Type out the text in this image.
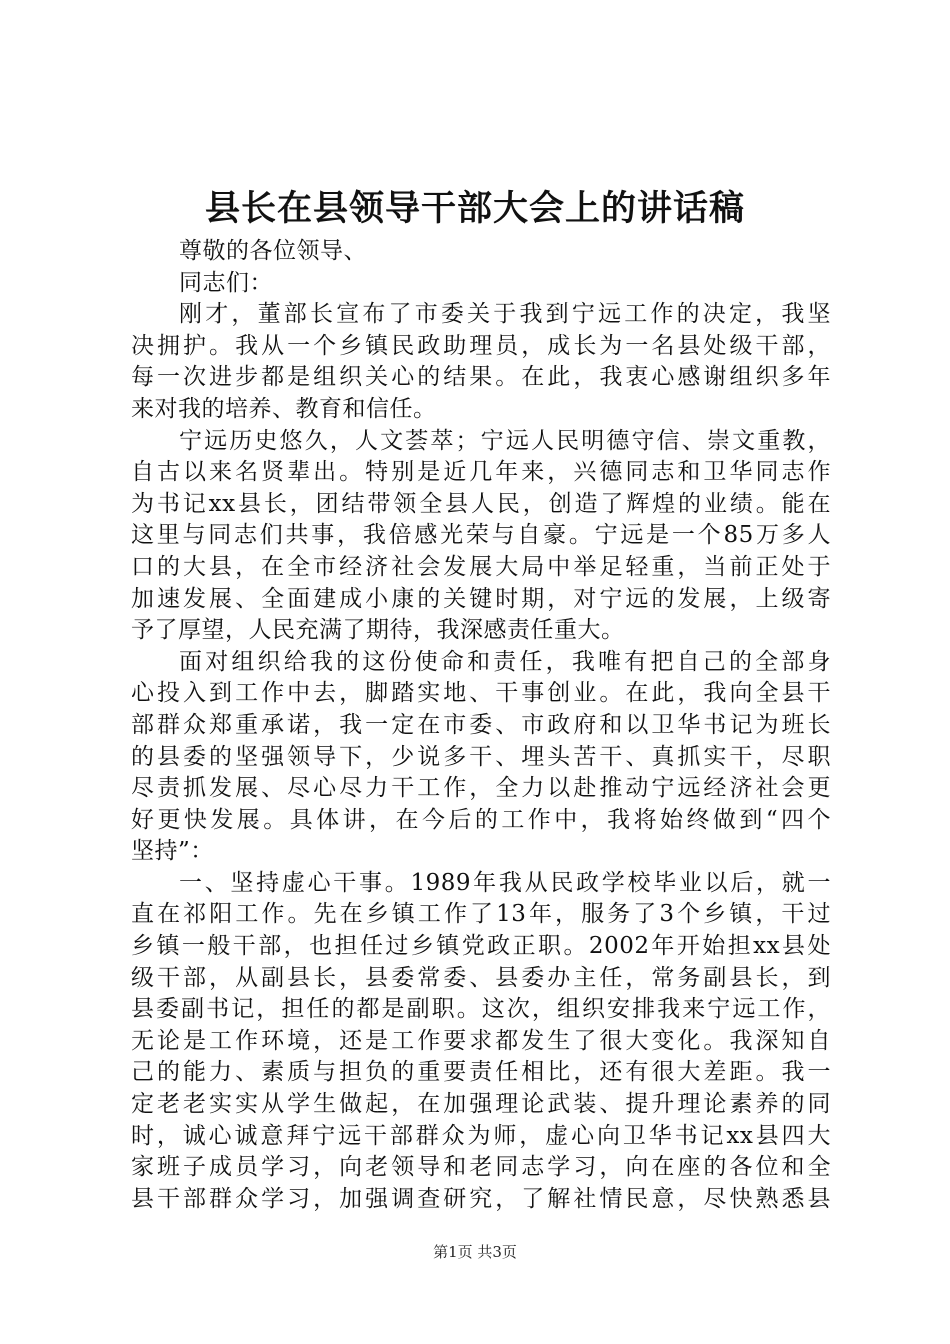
县长在县领导干部大会上的讲话稿
尊敬的各位领导、
同志们：
刚才，董部长宣布了市委关于我到宁远工作的决定，我坚
决拥护。我从一个乡镇民政助理员，成长为一名县处级干部，
每一次进步都是组织关心的结果。在此，我衷心感谢组织多年
来对我的培养、教育和信任。
宁远历史悠久，人文荟萃；宁远人民明德守信、崇文重教，
自古以来名贤辈出。特别是近几年来，兴德同志和卫华同志作
为书记xx县长，团结带领全县人民，创造了辉煌的业绩。能在
这里与同志们共事，我倍感光荣与自豪。宁远是一个85万多人
口的大县，在全市经济社会发展大局中举足轻重，当前正处于
加速发展、全面建成小康的关键时期，对宁远的发展，上级寄
予了厚望，人民充满了期待，我深感责任重大。
面对组织给我的这份使命和责任，我唯有把自己的全部身
心投入到工作中去，脚踏实地、干事创业。在此，我向全县干
部群众郑重承诺，我一定在市委、市政府和以卫华书记为班长
的县委的坚强领导下，少说多干、埋头苦干、真抓实干，尽职
尽责抓发展、尽心尽力干工作，全力以赴推动宁远经济社会更
好更快发展。具体讲，在今后的工作中，我将始终做到“四个
坚持”：
一、坚持虚心干事。1989年我从民政学校毕业以后，就一
直在祁阳工作。先在乡镇工作了13年，服务了3个乡镇，干过
乡镇一般干部，也担任过乡镇党政正职。2002年开始担xx县处
级干部，从副县长，县委常委、县委办主任，常务副县长，到
县委副书记，担任的都是副职。这次，组织安排我来宁远工作，
无论是工作环境，还是工作要求都发生了很大变化。我深知自
己的能力、素质与担负的重要责任相比，还有很大差距。我一
定老老实实从学生做起，在加强理论武装、提升理论素养的同
时，诚心诚意拜宁远干部群众为师，虚心向卫华书记xx县四大
家班子成员学习，向老领导和老同志学习，向在座的各位和全
县干部群众学习，加强调查研究，了解社情民意，尽快熟悉县
第1页 共3页
